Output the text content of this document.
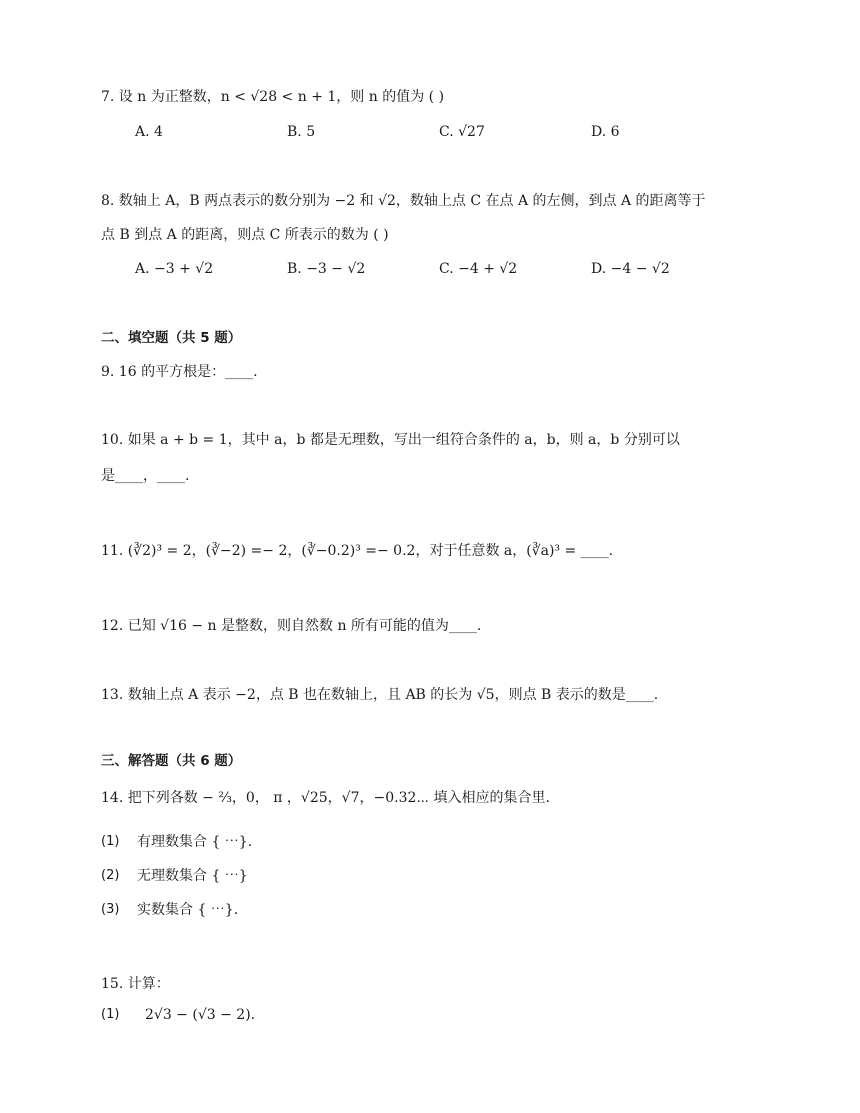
7. 设 n 为正整数，n < √28 < n + 1，则 n 的值为 ( )
A. 4	B. 5	C. √27	D. 6
8. 数轴上 A，B 两点表示的数分别为 −2 和 √2，数轴上点 C 在点 A 的左侧，到点 A 的距离等于
点 B 到点 A 的距离，则点 C 所表示的数为 ( )
A. −3 + √2	B. −3 − √2	C. −4 + √2	D. −4 − √2
二、填空题（共 5 题）
9. 16 的平方根是：____.
10. 如果 a + b = 1，其中 a，b 都是无理数，写出一组符合条件的 a，b，则 a，b 分别可以
是____，____.
11. (∛2)³ = 2，(∛−2) =− 2，(∛−0.2)³ =− 0.2，对于任意数 a，(∛a)³ = ____.
12. 已知 √16 − n 是整数，则自然数 n 所有可能的值为____.
13. 数轴上点 A 表示 −2，点 B 也在数轴上，且 AB 的长为 √5，则点 B 表示的数是____.
三、解答题（共 6 题）
14. 把下列各数 − ⅔，0， π ，√25，√7，−0.32⋯ 填入相应的集合里.
(1) 有理数集合 { ⋯}.
(2) 无理数集合 { ⋯}
(3) 实数集合 { ⋯}.
15. 计算：
(1) 2√3 − (√3 − 2).
